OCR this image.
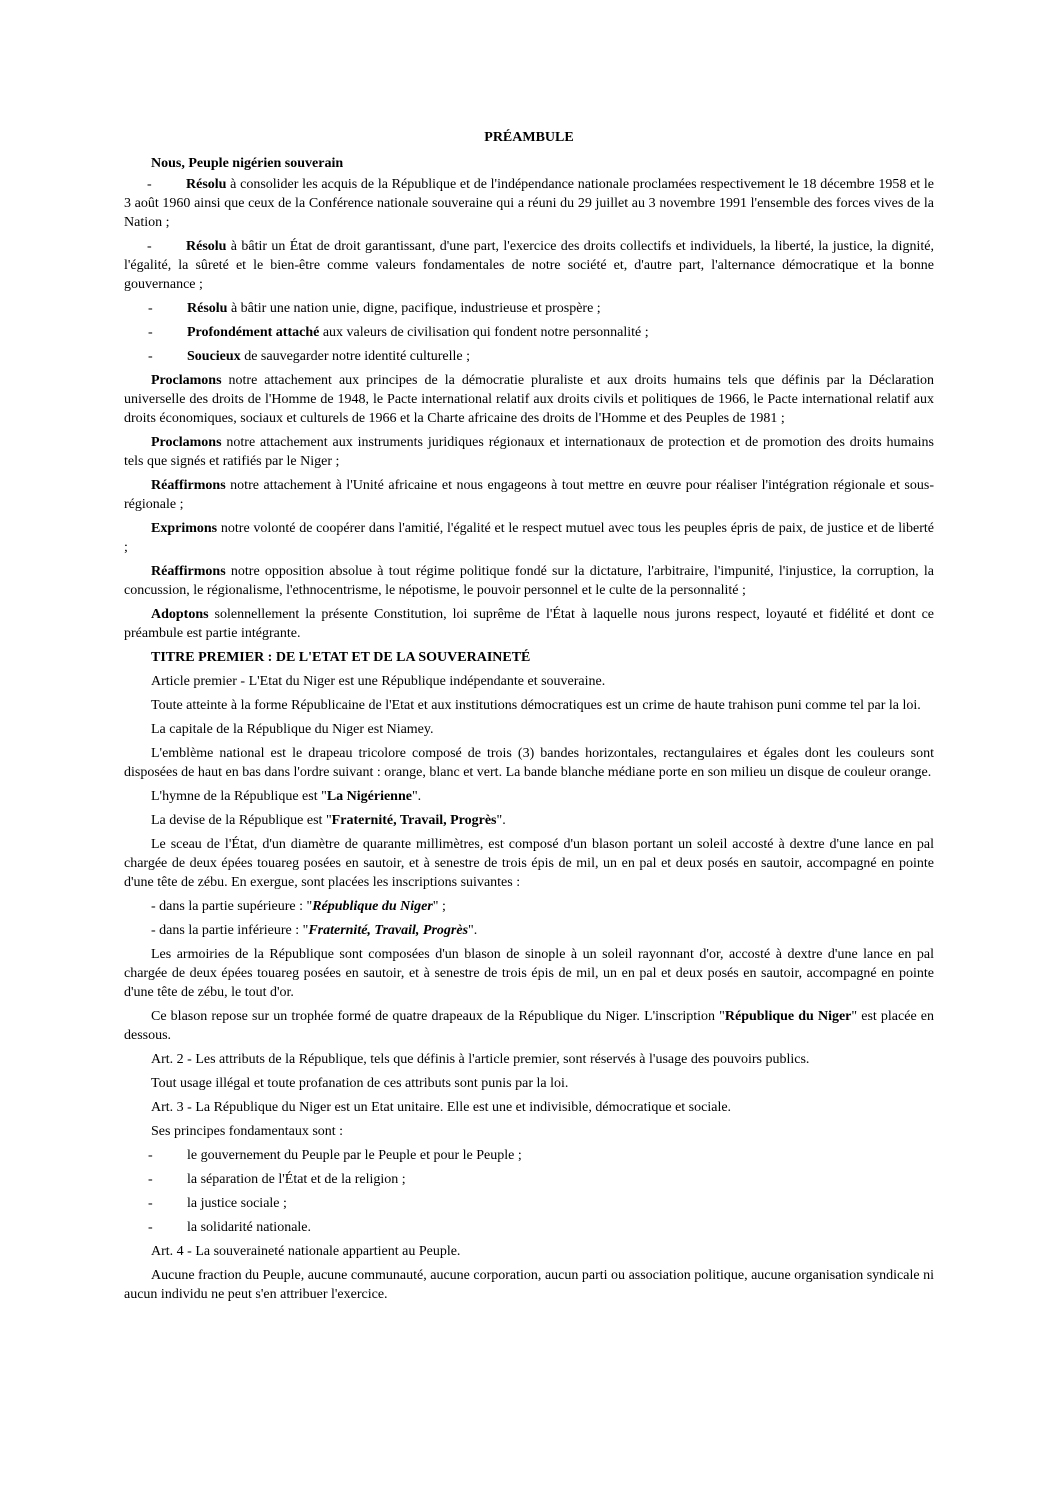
PRÉAMBULE

Nous, Peuple nigérien souverain

- Résolu à consolider les acquis de la République et de l'indépendance nationale proclamées respectivement le 18 décembre 1958 et le 3 août 1960 ainsi que ceux de la Conférence nationale souveraine qui a réuni du 29 juillet au 3 novembre 1991 l'ensemble des forces vives de la Nation ;

- Résolu à bâtir un État de droit garantissant, d'une part, l'exercice des droits collectifs et individuels, la liberté, la justice, la dignité, l'égalité, la sûreté et le bien-être comme valeurs fondamentales de notre société et, d'autre part, l'alternance démocratique et la bonne gouvernance ;

- Résolu à bâtir une nation unie, digne, pacifique, industrieuse et prospère ;

- Profondément attaché aux valeurs de civilisation qui fondent notre personnalité ;

- Soucieux de sauvegarder notre identité culturelle ;

Proclamons notre attachement aux principes de la démocratie pluraliste et aux droits humains tels que définis par la Déclaration universelle des droits de l'Homme de 1948, le Pacte international relatif aux droits civils et politiques de 1966, le Pacte international relatif aux droits économiques, sociaux et culturels de 1966 et la Charte africaine des droits de l'Homme et des Peuples de 1981 ;

Proclamons notre attachement aux instruments juridiques régionaux et internationaux de protection et de promotion des droits humains tels que signés et ratifiés par le Niger ;

Réaffirmons notre attachement à l'Unité africaine et nous engageons à tout mettre en œuvre pour réaliser l'intégration régionale et sous-régionale ;

Exprimons notre volonté de coopérer dans l'amitié, l'égalité et le respect mutuel avec tous les peuples épris de paix, de justice et de liberté ;

Réaffirmons notre opposition absolue à tout régime politique fondé sur la dictature, l'arbitraire, l'impunité, l'injustice, la corruption, la concussion, le régionalisme, l'ethnocentrisme, le népotisme, le pouvoir personnel et le culte de la personnalité ;

Adoptons solennellement la présente Constitution, loi suprême de l'État à laquelle nous jurons respect, loyauté et fidélité et dont ce préambule est partie intégrante.

TITRE PREMIER : DE L'ETAT ET DE LA SOUVERAINETÉ

Article premier - L'Etat du Niger est une République indépendante et souveraine.

Toute atteinte à la forme Républicaine de l'Etat et aux institutions démocratiques est un crime de haute trahison puni comme tel par la loi.

La capitale de la République du Niger est Niamey.

L'emblème national est le drapeau tricolore composé de trois (3) bandes horizontales, rectangulaires et égales dont les couleurs sont disposées de haut en bas dans l'ordre suivant : orange, blanc et vert. La bande blanche médiane porte en son milieu un disque de couleur orange.

L'hymne de la République est "La Nigérienne".

La devise de la République est "Fraternité, Travail, Progrès".

Le sceau de l'État, d'un diamètre de quarante millimètres, est composé d'un blason portant un soleil accosté à dextre d'une lance en pal chargée de deux épées touareg posées en sautoir, et à senestre de trois épis de mil, un en pal et deux posés en sautoir, accompagné en pointe d'une tête de zébu. En exergue, sont placées les inscriptions suivantes :

- dans la partie supérieure : "République du Niger" ;

- dans la partie inférieure : "Fraternité, Travail, Progrès".

Les armoiries de la République sont composées d'un blason de sinople à un soleil rayonnant d'or, accosté à dextre d'une lance en pal chargée de deux épées touareg posées en sautoir, et à senestre de trois épis de mil, un en pal et deux posés en sautoir, accompagné en pointe d'une tête de zébu, le tout d'or.

Ce blason repose sur un trophée formé de quatre drapeaux de la République du Niger. L'inscription "République du Niger" est placée en dessous.

Art. 2 - Les attributs de la République, tels que définis à l'article premier, sont réservés à l'usage des pouvoirs publics.

Tout usage illégal et toute profanation de ces attributs sont punis par la loi.

Art. 3 - La République du Niger est un Etat unitaire. Elle est une et indivisible, démocratique et sociale.

Ses principes fondamentaux sont :

- le gouvernement du Peuple par le Peuple et pour le Peuple ;

- la séparation de l'État et de la religion ;

- la justice sociale ;

- la solidarité nationale.

Art. 4 - La souveraineté nationale appartient au Peuple.

Aucune fraction du Peuple, aucune communauté, aucune corporation, aucun parti ou association politique, aucune organisation syndicale ni aucun individu ne peut s'en attribuer l'exercice.
